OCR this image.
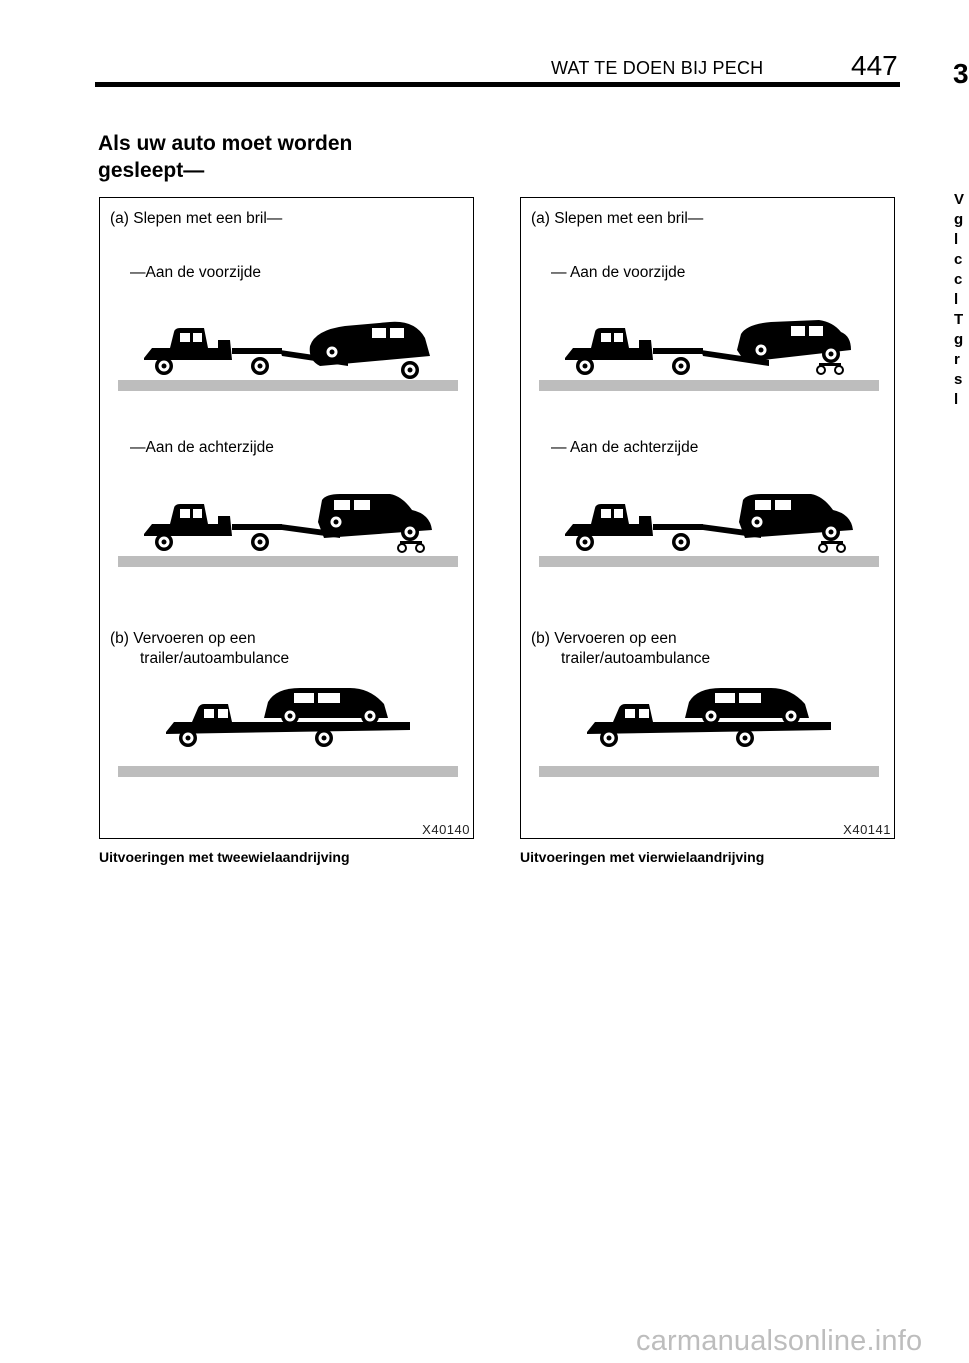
WAT TE DOEN BIJ PECH	447 3
Als uw auto moet worden gesleept—
(a) Slepen met een bril—
—Aan de voorzijde
—Aan de achterzijde
(b) Vervoeren op een
trailer/autoambulance
X40140
(a) Slepen met een bril—
— Aan de voorzijde
— Aan de achterzijde
(b) Vervoeren op een
trailer/autoambulance
X40141
Uitvoeringen met tweewielaandrijving	Uitvoeringen met vierwielaandrijving
V
g
l
c
c
l
T
g
r
s
l
carmanualsonline.info
